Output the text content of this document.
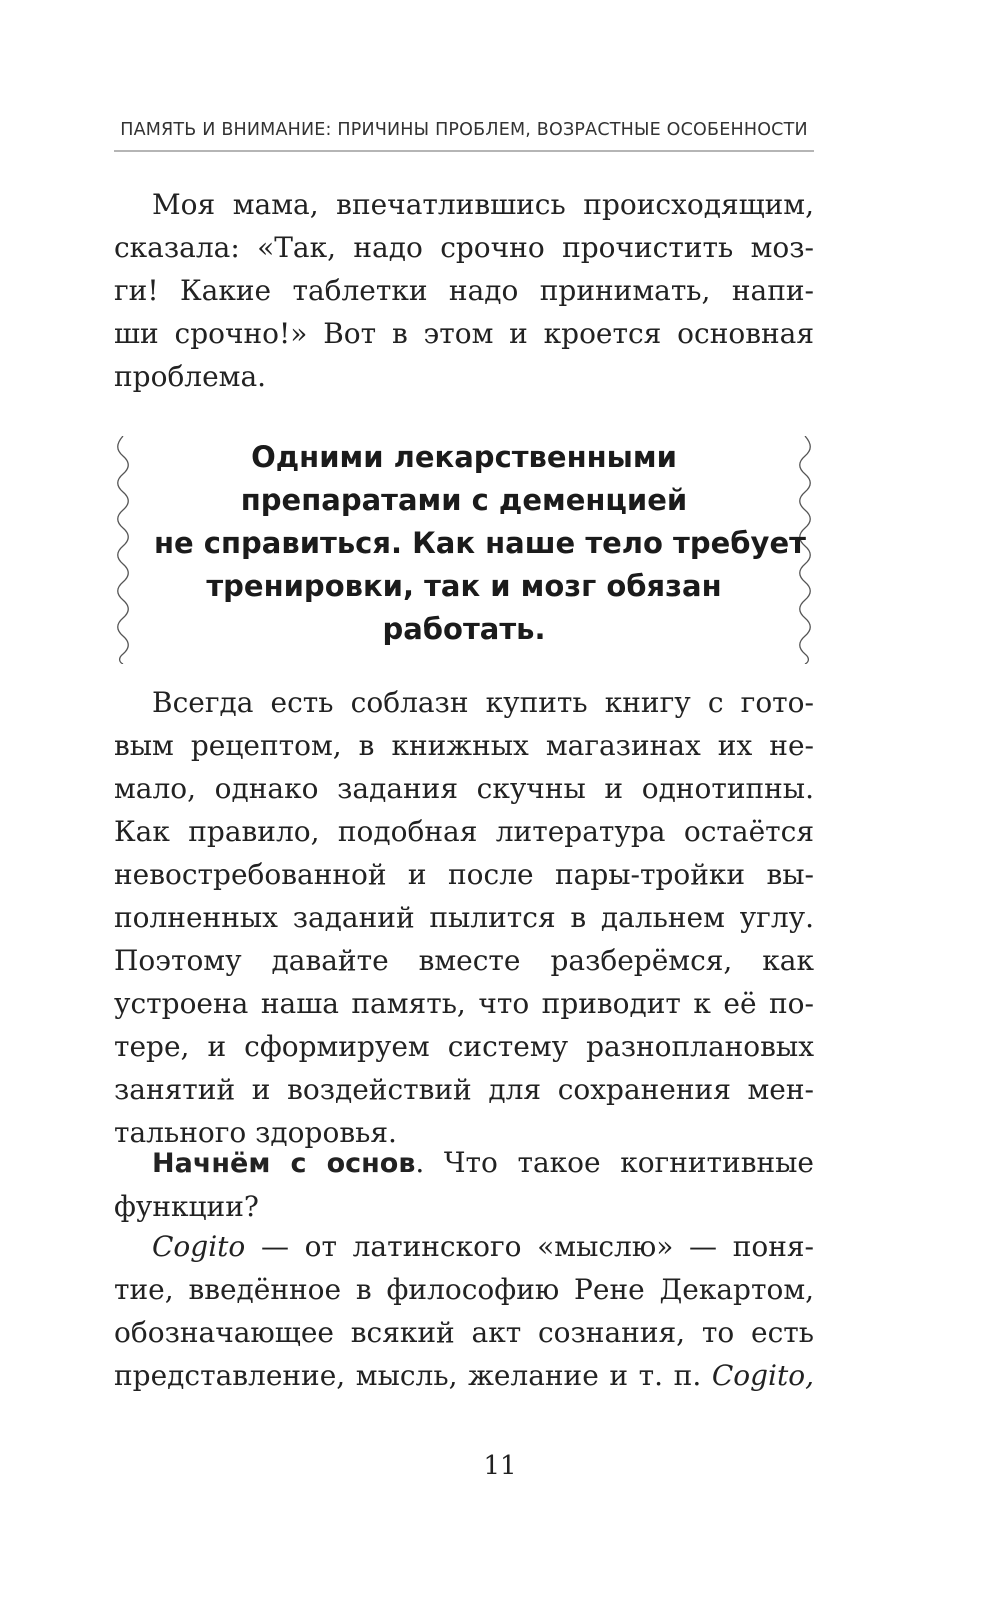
ПАМЯТЬ И ВНИМАНИЕ: ПРИЧИНЫ ПРОБЛЕМ, ВОЗРАСТНЫЕ ОСОБЕННОСТИ
Моя мама, впечатлившись происходящим,
сказала: «Так, надо срочно прочистить моз-
ги! Какие таблетки надо принимать, напи-
ши срочно!» Вот в этом и кроется основная
проблема.
Одними лекарственными
препаратами с деменцией
не справиться. Как наше тело требует
тренировки, так и мозг обязан
работать.
Всегда есть соблазн купить книгу с гото-
вым рецептом, в книжных магазинах их не-
мало, однако задания скучны и однотипны.
Как правило, подобная литература остаётся
невостребованной и после пары-тройки вы-
полненных заданий пылится в дальнем углу.
Поэтому давайте вместе разберёмся, как
устроена наша память, что приводит к её по-
тере, и сформируем систему разноплановых
занятий и воздействий для сохранения мен-
тального здоровья.
Начнём с основ. Что такое когнитивные
функции?
Cogito — от латинского «мыслю» — поня-
тие, введённое в философию Рене Декартом,
обозначающее всякий акт сознания, то есть
представление, мысль, желание и т. п. Cogito,
11
